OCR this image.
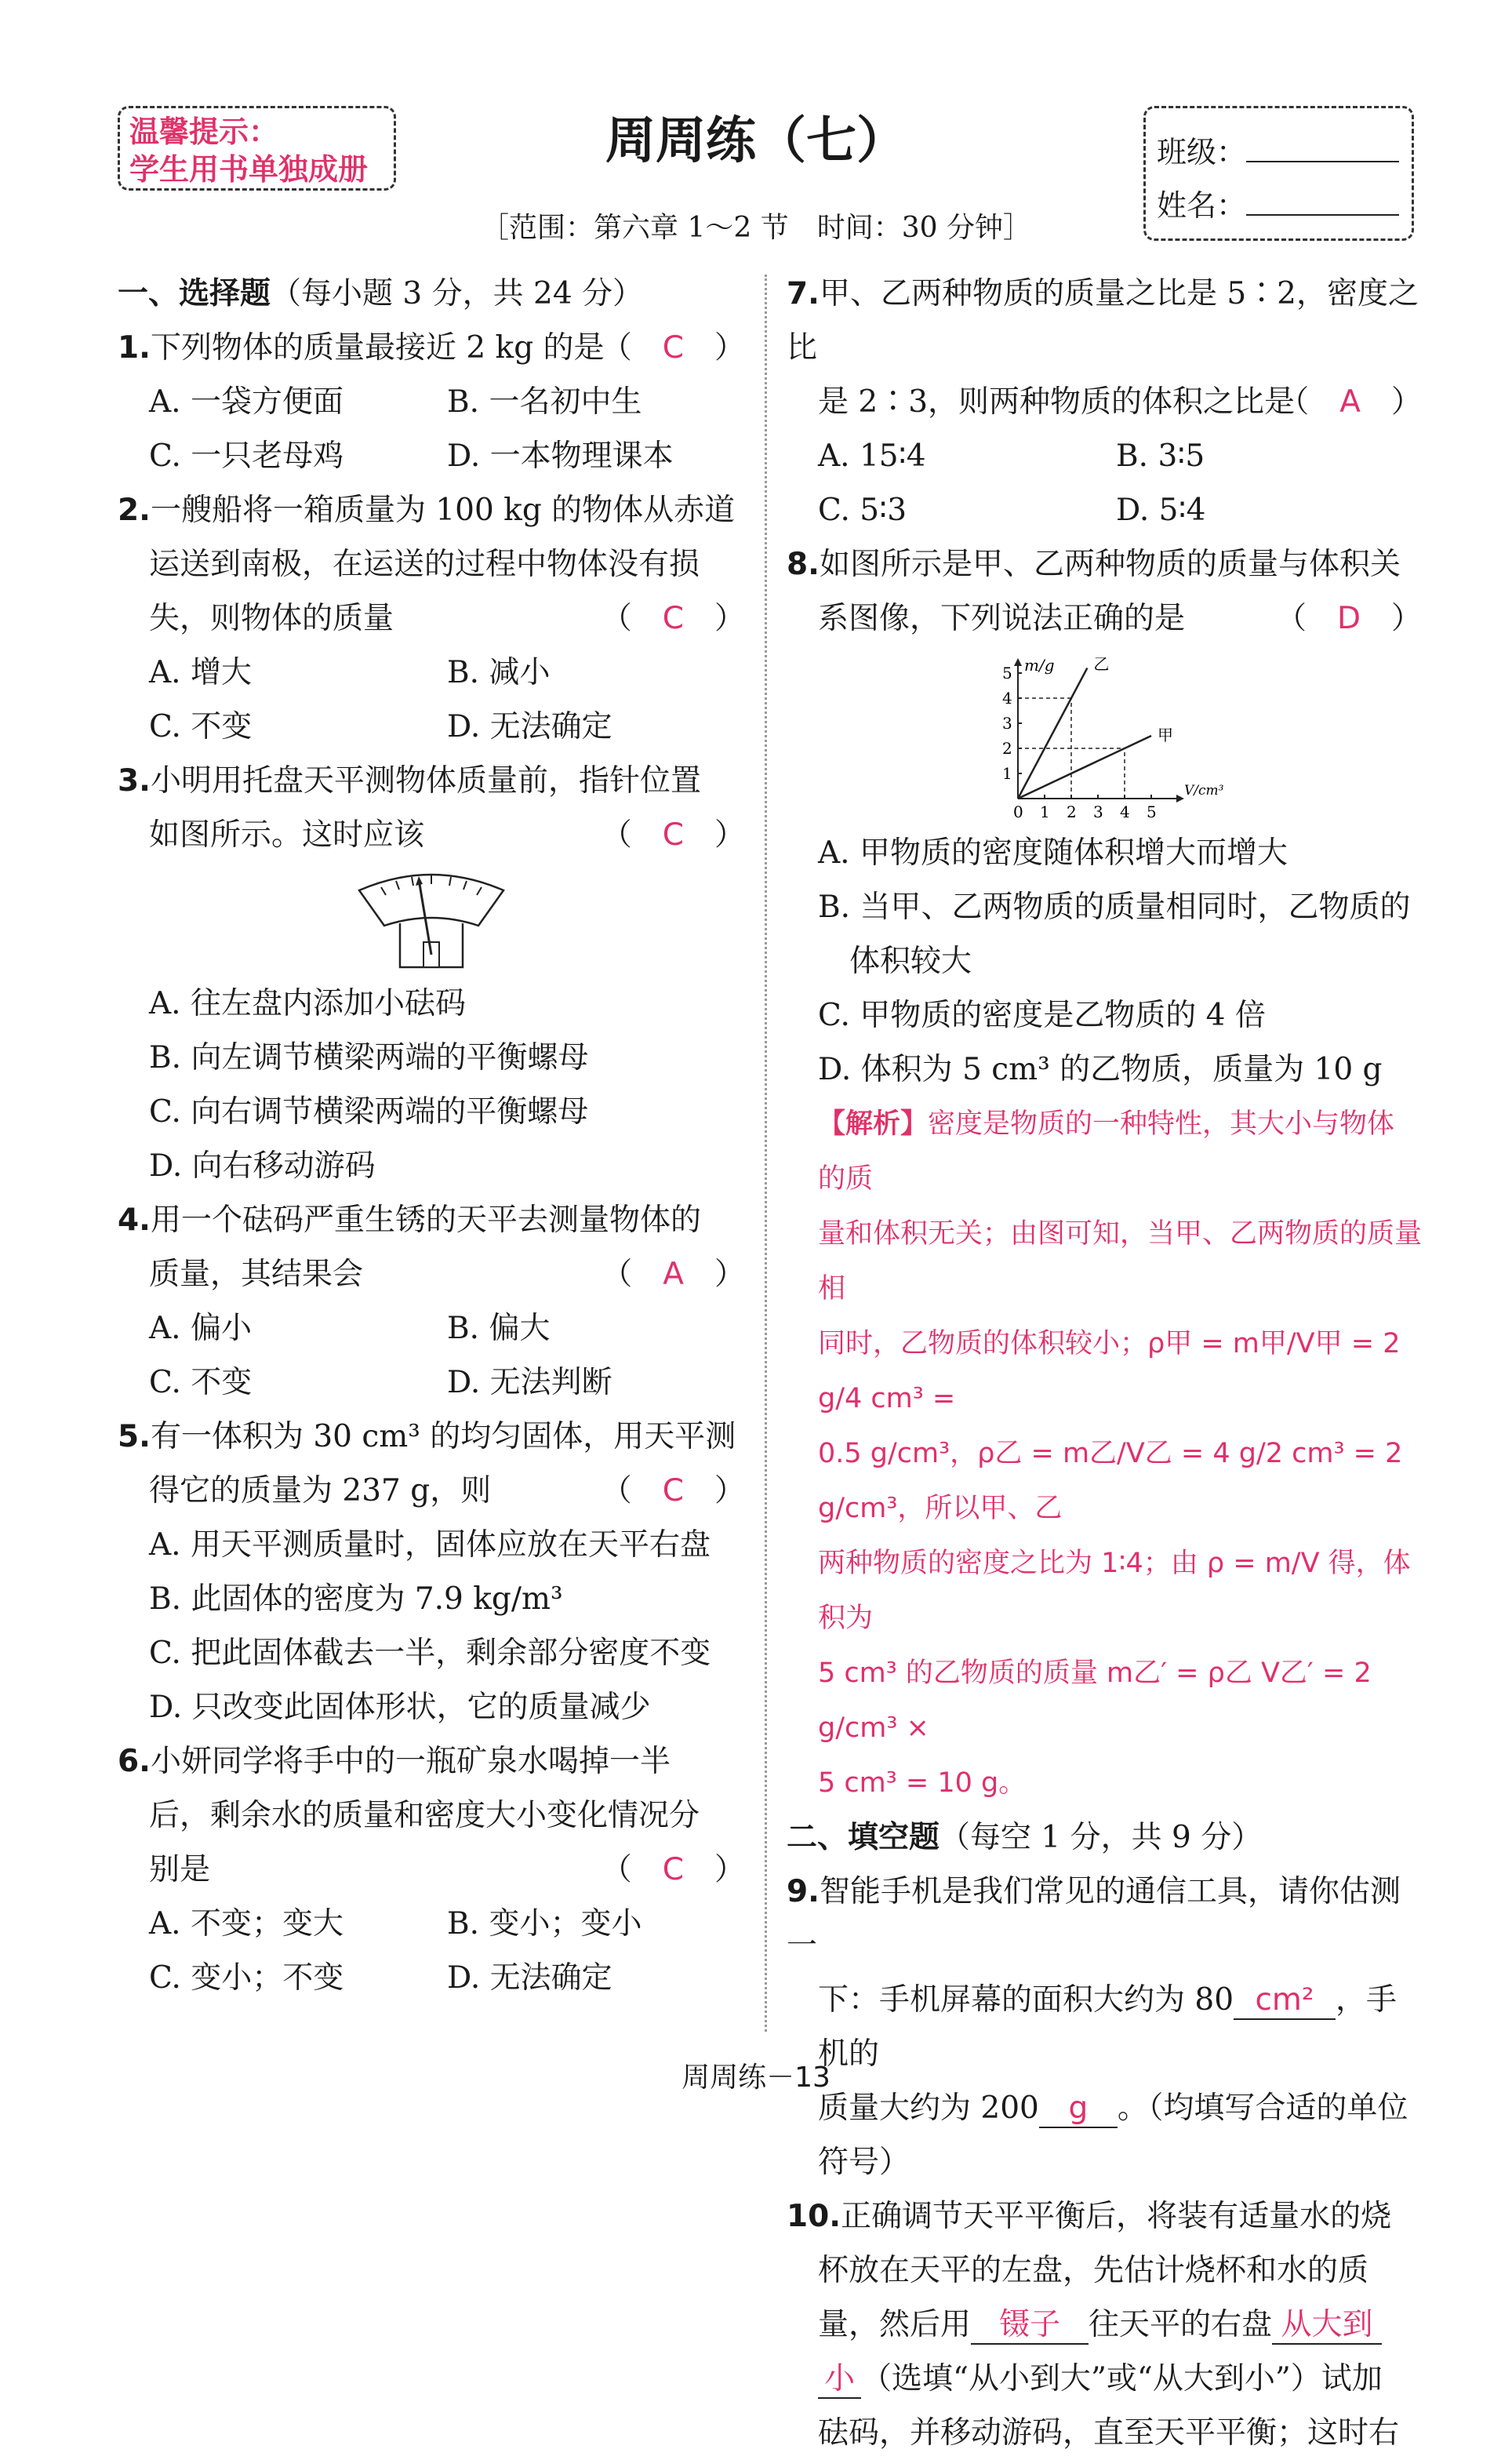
温馨提示：
学生用书单独成册	周周练（七）
［范围：第六章 1～2 节　时间：30 分钟］
班级：
姓名：
一、选择题（每小题 3 分，共 24 分）
1.下列物体的质量最接近 2 kg 的是
（　C　）
A. 一袋方便面	B. 一名初中生
C. 一只老母鸡	D. 一本物理课本
2.一艘船将一箱质量为 100 kg 的物体从赤道
运送到南极，在运送的过程中物体没有损
失，则物体的质量	（　C　）
A. 增大	B. 减小
C. 不变	D. 无法确定
3.小明用托盘天平测物体质量前，指针位置
如图所示。这时应该	（　C　）
A. 往左盘内添加小砝码
B. 向左调节横梁两端的平衡螺母
C. 向右调节横梁两端的平衡螺母
D. 向右移动游码
4.用一个砝码严重生锈的天平去测量物体的
质量，其结果会	（　A　）
A. 偏小	B. 偏大
C. 不变	D. 无法判断
5.有一体积为 30 cm³ 的均匀固体，用天平测
得它的质量为 237 g，则	（　C　）
A. 用天平测质量时，固体应放在天平右盘
B. 此固体的密度为 7.9 kg/m³
C. 把此固体截去一半，剩余部分密度不变
D. 只改变此固体形状，它的质量减少
6.小妍同学将手中的一瓶矿泉水喝掉一半
后，剩余水的质量和密度大小变化情况分
别是	（　C　）
A. 不变；变大	B. 变小；变小
C. 变小；不变	D. 无法确定
7.甲、乙两种物质的质量之比是 5∶2，密度之比
是 2∶3，则两种物质的体积之比是
（　A　）
A. 15∶4	B. 3∶5
C. 5∶3	D. 5∶4
8.如图所示是甲、乙两种物质的质量与体积关
系图像，下列说法正确的是	（　D　）
m/g
V/cm³
0 1 2 3 4 5
1
2
3
4
5	乙
甲
A. 甲物质的密度随体积增大而增大
B. 当甲、乙两物质的质量相同时，乙物质的
体积较大
C. 甲物质的密度是乙物质的 4 倍
D. 体积为 5 cm³ 的乙物质，质量为 10 g
【解析】密度是物质的一种特性，其大小与物体的质
量和体积无关；由图可知，当甲、乙两物质的质量相
同时，乙物质的体积较小；ρ甲 = m甲/V甲 = 2 g/4 cm³ =
0.5 g/cm³，ρ乙 = m乙/V乙 = 4 g/2 cm³ = 2 g/cm³，所以甲、乙
两种物质的密度之比为 1∶4；由 ρ = m/V 得，体积为
5 cm³ 的乙物质的质量 m乙′ = ρ乙 V乙′ = 2 g/cm³ ×
5 cm³ = 10 g。
二、填空题（每空 1 分，共 9 分）
9.智能手机是我们常见的通信工具，请你估测一
下：手机屏幕的面积大约为 80 cm² ，手机的
质量大约为 200 g 。（均填写合适的单位
符号）
10.正确调节天平平衡后，将装有适量水的烧
杯放在天平的左盘，先估计烧杯和水的质
量，然后用 镊子 往天平的右盘 从大到
小 （选填“从小到大”或“从大到小”）试加
砝码，并移动游码，直至天平平衡；这时右
周周练－13
